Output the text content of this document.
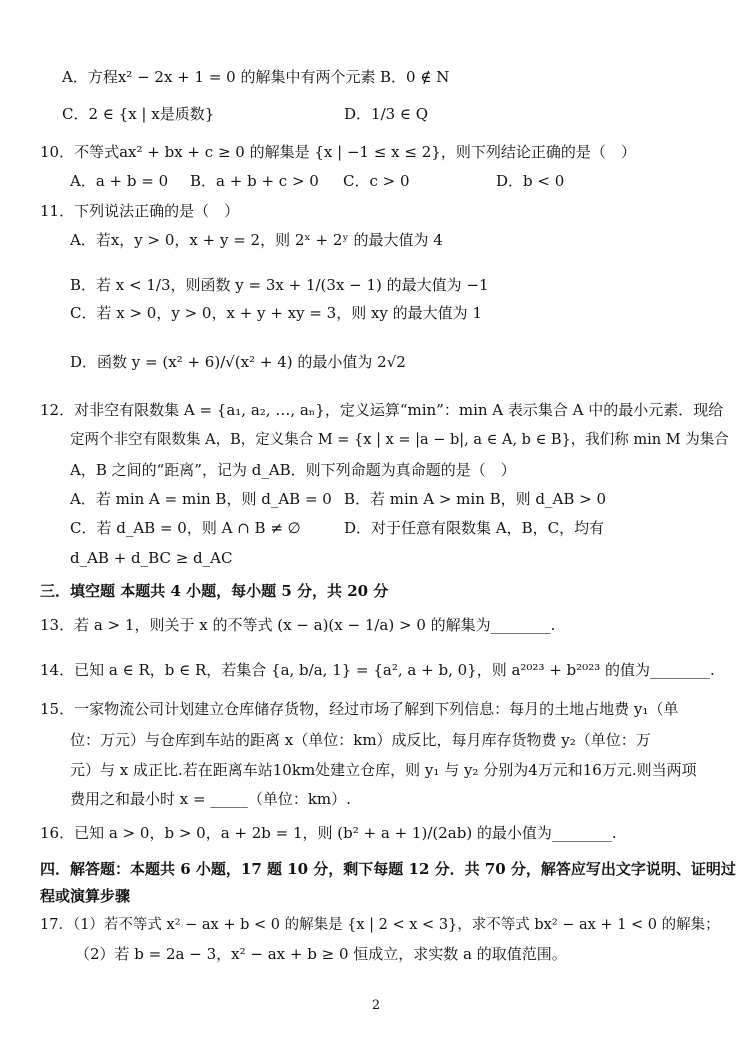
A．方程x² − 2x + 1 = 0 的解集中有两个元素 B．0 ∉ N
C．2 ∈ {x | x是质数}	D．1/3 ∈ Q
10．不等式ax² + bx + c ≥ 0 的解集是 {x | −1 ≤ x ≤ 2}，则下列结论正确的是（　）
A．a + b = 0 B．a + b + c > 0 C．c > 0	D．b < 0
11．下列说法正确的是（　）
A．若x，y > 0，x + y = 2，则 2ˣ + 2ʸ 的最大值为 4
B．若 x < 1/3，则函数 y = 3x + 1/(3x − 1) 的最大值为 −1
C．若 x > 0，y > 0，x + y + xy = 3，则 xy 的最大值为 1
D．函数 y = (x² + 6)/√(x² + 4) 的最小值为 2√2
12．对非空有限数集 A = {a₁, a₂, …, aₙ}，定义运算“min”：min A 表示集合 A 中的最小元素．现给
定两个非空有限数集 A，B，定义集合 M = {x | x = |a − b|, a ∈ A, b ∈ B}，我们称 min M 为集合
A，B 之间的“距离”，记为 d_AB．则下列命题为真命题的是（　）
A．若 min A = min B，则 d_AB = 0 B．若 min A > min B，则 d_AB > 0
C．若 d_AB = 0，则 A ∩ B ≠ ∅	D．对于任意有限数集 A，B，C，均有
d_AB + d_BC ≥ d_AC
三．填空题 本题共 4 小题，每小题 5 分，共 20 分
13．若 a > 1，则关于 x 的不等式 (x − a)(x − 1/a) > 0 的解集为________.
14．已知 a ∈ R，b ∈ R，若集合 {a, b/a, 1} = {a², a + b, 0}，则 a²⁰²³ + b²⁰²³ 的值为________.
15．一家物流公司计划建立仓库储存货物，经过市场了解到下列信息：每月的土地占地费 y₁（单
位：万元）与仓库到车站的距离 x（单位：km）成反比，每月库存货物费 y₂（单位：万
元）与 x 成正比.若在距离车站10km处建立仓库，则 y₁ 与 y₂ 分别为4万元和16万元.则当两项
费用之和最小时 x = _____（单位：km）.
16．已知 a > 0，b > 0，a + 2b = 1，则 (b² + a + 1)/(2ab) 的最小值为________.
四．解答题：本题共 6 小题，17 题 10 分，剩下每题 12 分．共 70 分，解答应写出文字说明、证明过
程或演算步骤
17．（1）若不等式 x² − ax + b < 0 的解集是 {x | 2 < x < 3}，求不等式 bx² − ax + 1 < 0 的解集；
（2）若 b = 2a − 3，x² − ax + b ≥ 0 恒成立，求实数 a 的取值范围。
2
